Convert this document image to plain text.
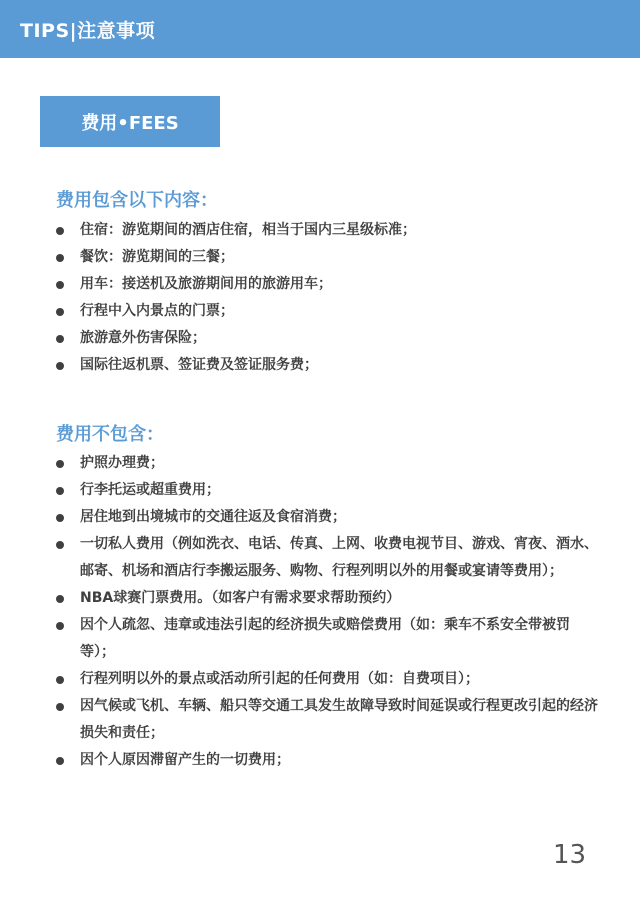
TIPS|注意事项
费用•FEES
费用包含以下内容：
住宿：游览期间的酒店住宿，相当于国内三星级标准；
餐饮：游览期间的三餐；
用车：接送机及旅游期间用的旅游用车；
行程中入内景点的门票；
旅游意外伤害保险；
国际往返机票、签证费及签证服务费；
费用不包含：
护照办理费；
行李托运或超重费用；
居住地到出境城市的交通往返及食宿消费；
一切私人费用（例如洗衣、电话、传真、上网、收费电视节目、游戏、宵夜、酒水、邮寄、机场和酒店行李搬运服务、购物、行程列明以外的用餐或宴请等费用）；
NBA球赛门票费用。（如客户有需求要求帮助预约）
因个人疏忽、违章或违法引起的经济损失或赔偿费用（如：乘车不系安全带被罚等）；
行程列明以外的景点或活动所引起的任何费用（如：自费项目）；
因气候或飞机、车辆、船只等交通工具发生故障导致时间延误或行程更改引起的经济损失和责任；
因个人原因滞留产生的一切费用；
13
